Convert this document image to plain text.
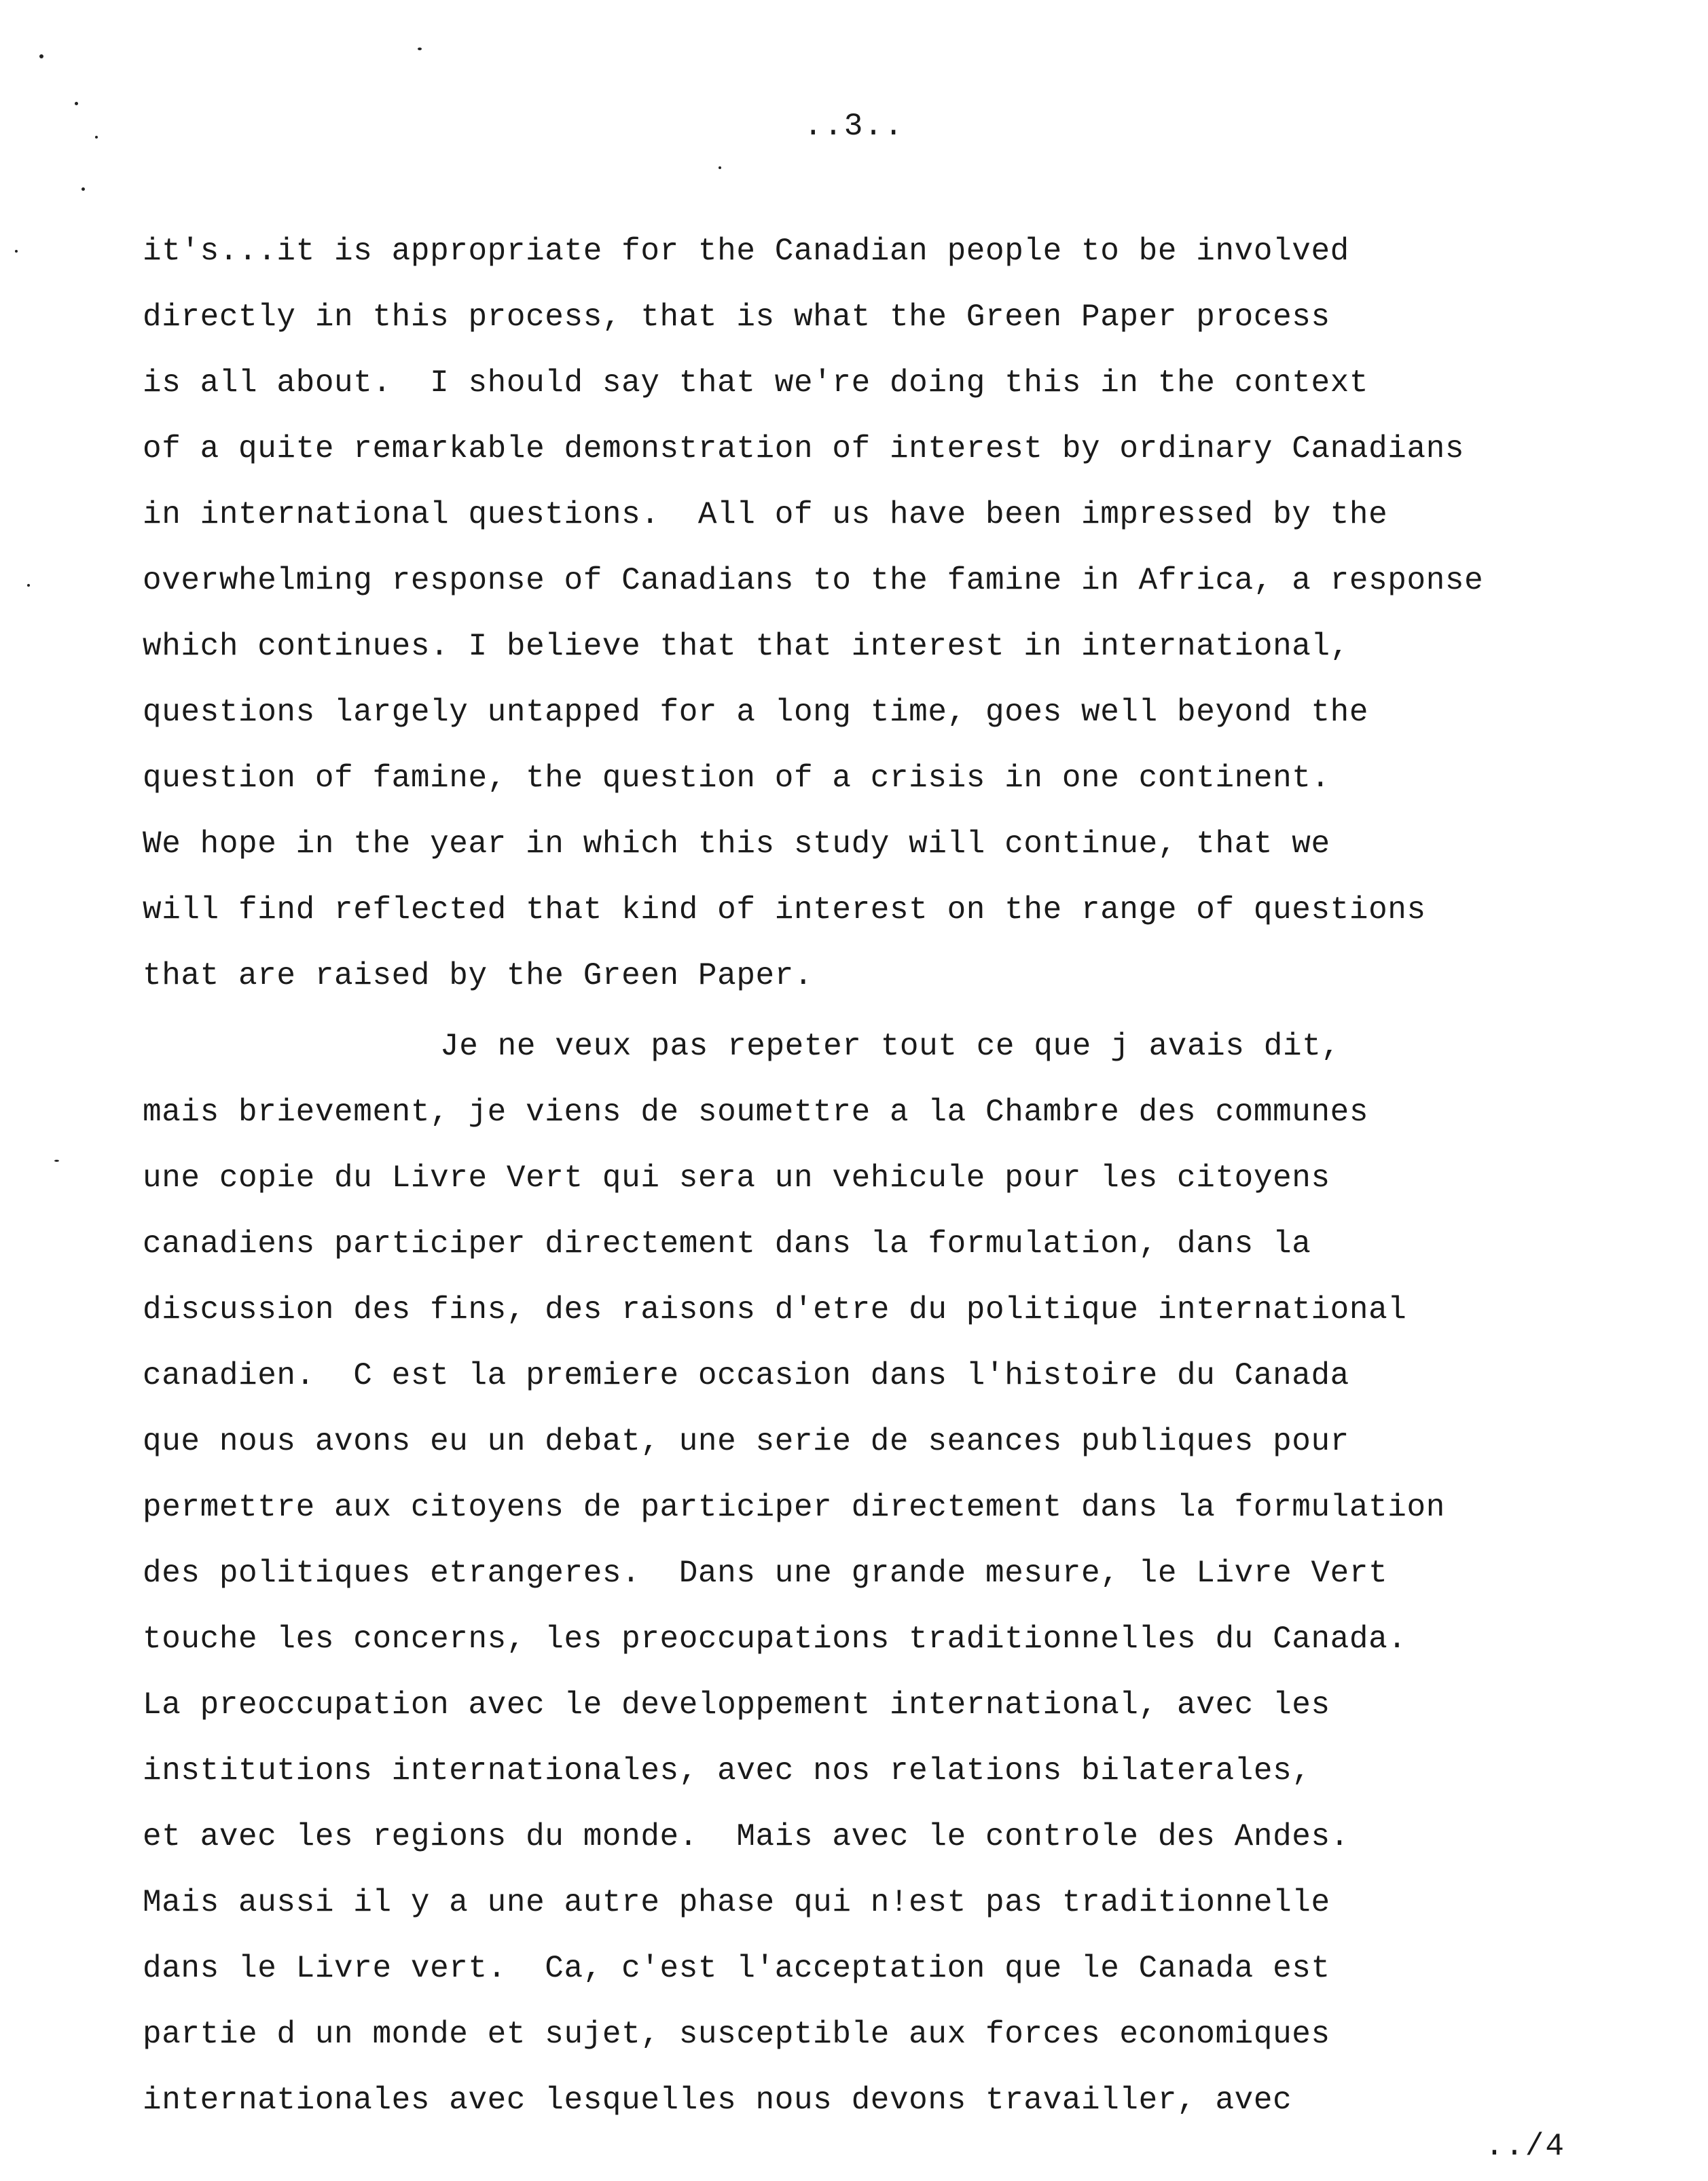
..3..
it's...it is appropriate for the Canadian people to be involved
directly in this process, that is what the Green Paper process
is all about.  I should say that we're doing this in the context
of a quite remarkable demonstration of interest by ordinary Canadians
in international questions.  All of us have been impressed by the
overwhelming response of Canadians to the famine in Africa, a response
which continues. I believe that that interest in international,
questions largely untapped for a long time, goes well beyond the
question of famine, the question of a crisis in one continent.
We hope in the year in which this study will continue, that we
will find reflected that kind of interest on the range of questions
that are raised by the Green Paper.
Je ne veux pas repeter tout ce que j avais dit,
mais brievement, je viens de soumettre a la Chambre des communes
une copie du Livre Vert qui sera un vehicule pour les citoyens
canadiens participer directement dans la formulation, dans la
discussion des fins, des raisons d'etre du politique international
canadien.  C est la premiere occasion dans l'histoire du Canada
que nous avons eu un debat, une serie de seances publiques pour
permettre aux citoyens de participer directement dans la formulation
des politiques etrangeres.  Dans une grande mesure, le Livre Vert
touche les concerns, les preoccupations traditionnelles du Canada.
La preoccupation avec le developpement international, avec les
institutions internationales, avec nos relations bilaterales,
et avec les regions du monde.  Mais avec le controle des Andes.
Mais aussi il y a une autre phase qui n!est pas traditionnelle
dans le Livre vert.  Ca, c'est l'acceptation que le Canada est
partie d un monde et sujet, susceptible aux forces economiques
internationales avec lesquelles nous devons travailler, avec
../4
